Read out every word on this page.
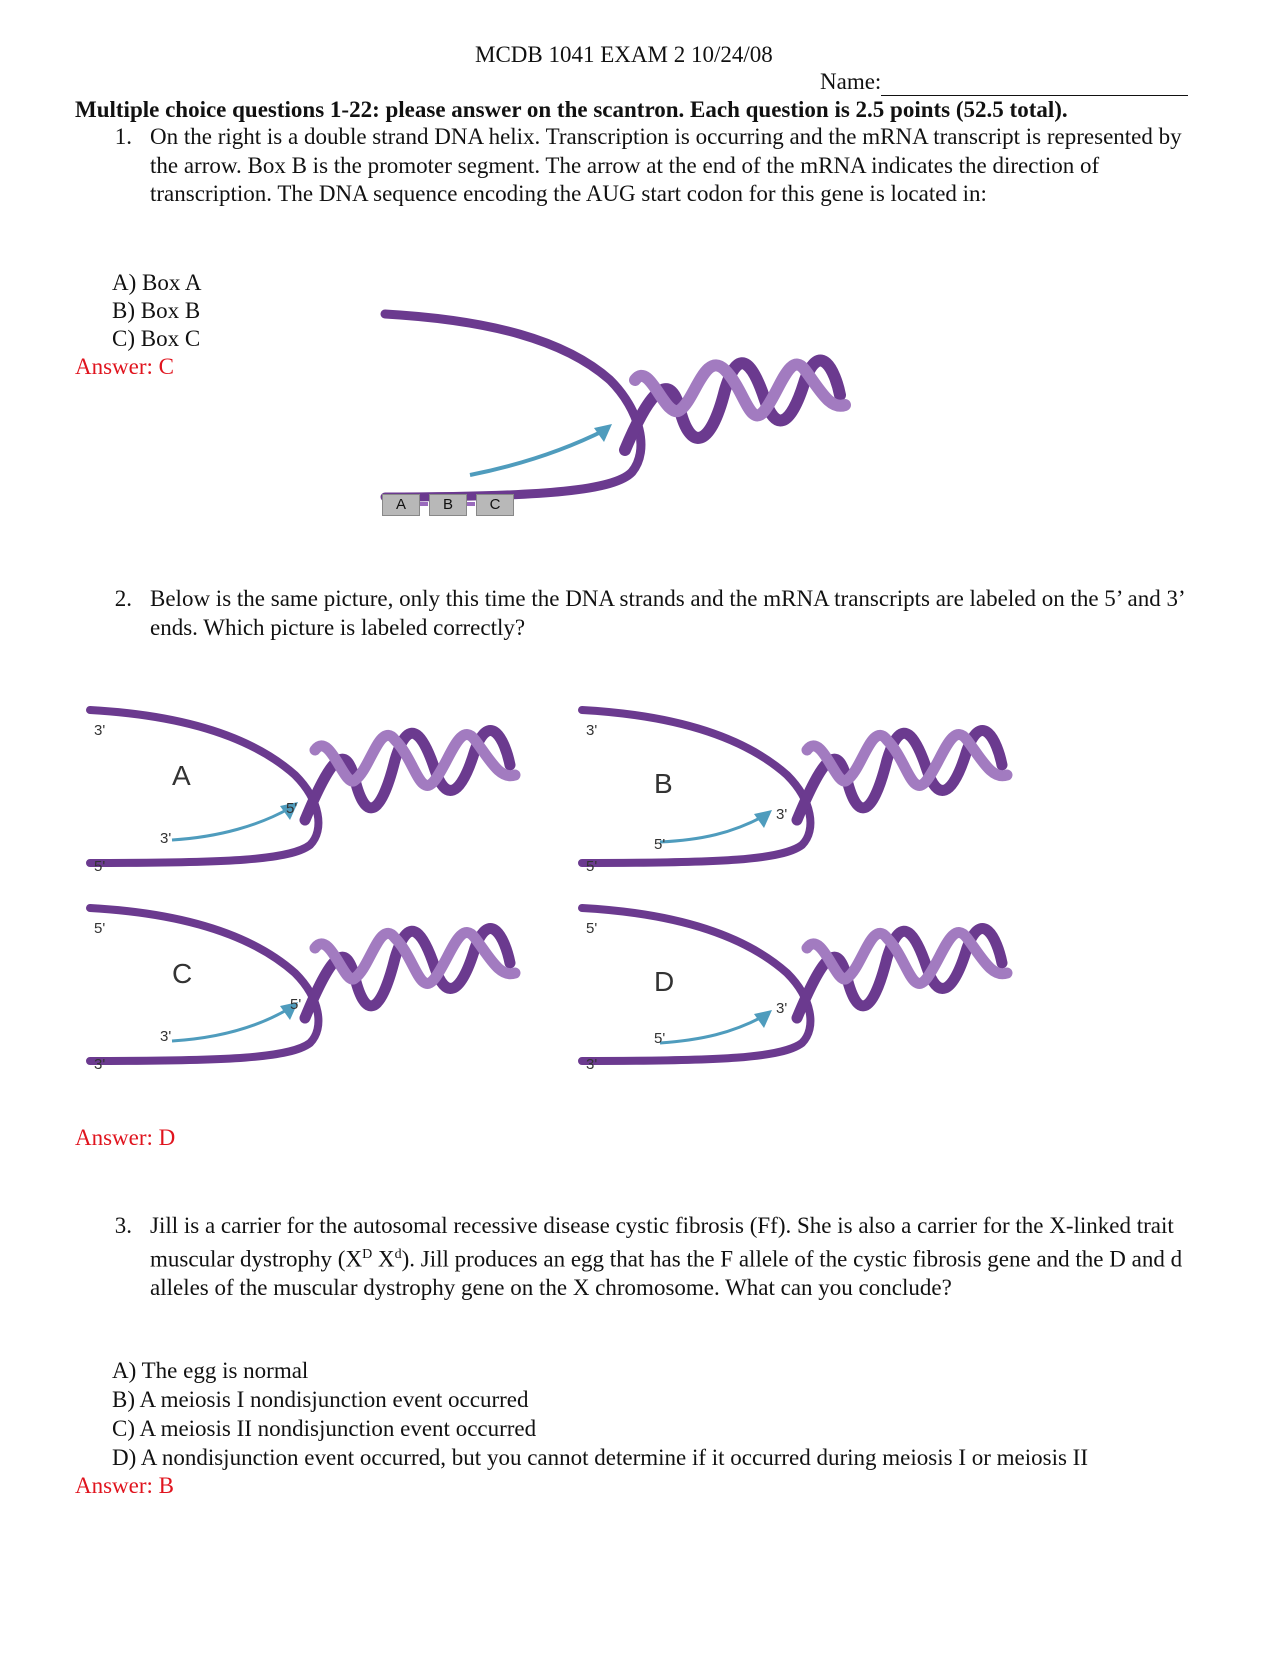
MCDB 1041 EXAM 2 10/24/08
Name:
Multiple choice questions 1-22: please answer on the scantron. Each question is 2.5 points (52.5 total).
1. On the right is a double strand DNA helix. Transcription is occurring and the mRNA transcript is represented by the arrow. Box B is the promoter segment. The arrow at the end of the mRNA indicates the direction of transcription. The DNA sequence encoding the AUG start codon for this gene is located in:
A) Box A
B) Box B
C) Box C
Answer: C
A	B	C
2. Below is the same picture, only this time the DNA strands and the mRNA transcripts are labeled on the 5’ and 3’ ends. Which picture is labeled correctly?
3'
5'
A
3'
5'
3'
5'
B
5'
3'
5'
3'
C
3'
5'
5'
3'
D
5'
3'
Answer: D
3. Jill is a carrier for the autosomal recessive disease cystic fibrosis (Ff). She is also a carrier for the X-linked trait muscular dystrophy ($X^D$ $X^d$). Jill produces an egg that has the F allele of the cystic fibrosis gene and the D and d alleles of the muscular dystrophy gene on the X chromosome. What can you conclude?
A) The egg is normal
B) A meiosis I nondisjunction event occurred
C) A meiosis II nondisjunction event occurred
D) A nondisjunction event occurred, but you cannot determine if it occurred during meiosis I or meiosis II
Answer: B
